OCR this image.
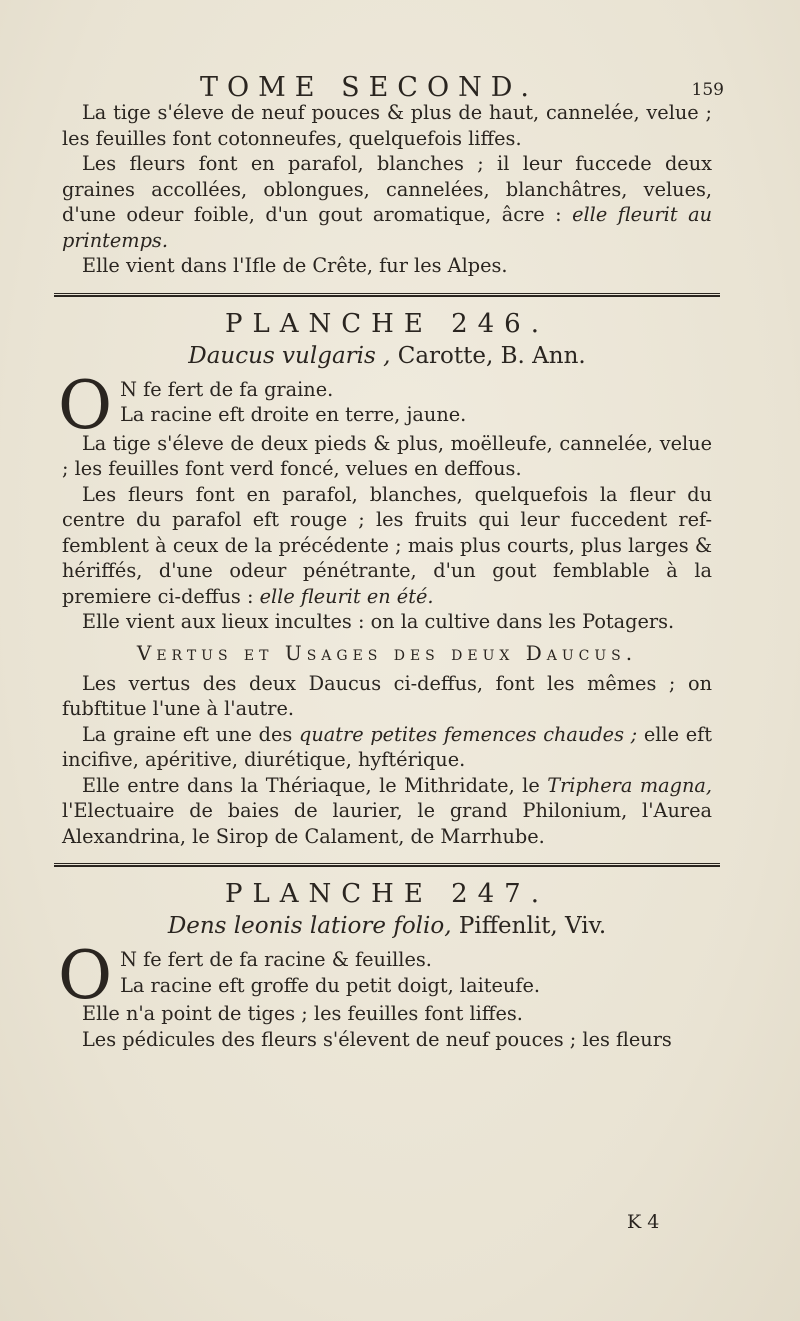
TOME SECOND.	159

La tige s'éleve de neuf pouces & plus de haut, cannelée, velue ; les feuilles font cotonneufes, quelquefois liffes.

Les fleurs font en parafol, blanches ; il leur fuccede deux graines accollées, oblongues, cannelées, blanchâtres, velues, d'une odeur foible, d'un gout aromatique, âcre : elle fleurit au printemps.

Elle vient dans l'Ifle de Crête, fur les Alpes.

PLANCHE 246.
Daucus vulgaris , Carotte, B. Ann.
O N fe fert de fa graine.

La racine eft droite en terre, jaune.

La tige s'éleve de deux pieds & plus, moëlleufe, cannelée, velue ; les feuilles font verd foncé, velues en deffous.

Les fleurs font en parafol, blanches, quelquefois la fleur du centre du parafol eft rouge ; les fruits qui leur fuccedent ref-femblent à ceux de la précédente ; mais plus courts, plus larges & hériffés, d'une odeur pénétrante, d'un gout femblable à la premiere ci-deffus : elle fleurit en été.

Elle vient aux lieux incultes : on la cultive dans les Potagers.

Vertus et Usages des deux Daucus.

Les vertus des deux Daucus ci-deffus, font les mêmes ; on fubftitue l'une à l'autre.

La graine eft une des quatre petites femences chaudes ; elle eft incifive, apéritive, diurétique, hyftérique.

Elle entre dans la Thériaque, le Mithridate, le Triphera magna, l'Electuaire de baies de laurier, le grand Philonium, l'Aurea Alexandrina, le Sirop de Calament, de Marrhube.

PLANCHE 247.
Dens leonis latiore folio, Piffenlit, Viv.
O N fe fert de fa racine & feuilles.

La racine eft groffe du petit doigt, laiteufe.

Elle n'a point de tiges ; les feuilles font liffes.

Les pédicules des fleurs s'élevent de neuf pouces ; les fleurs

K 4
